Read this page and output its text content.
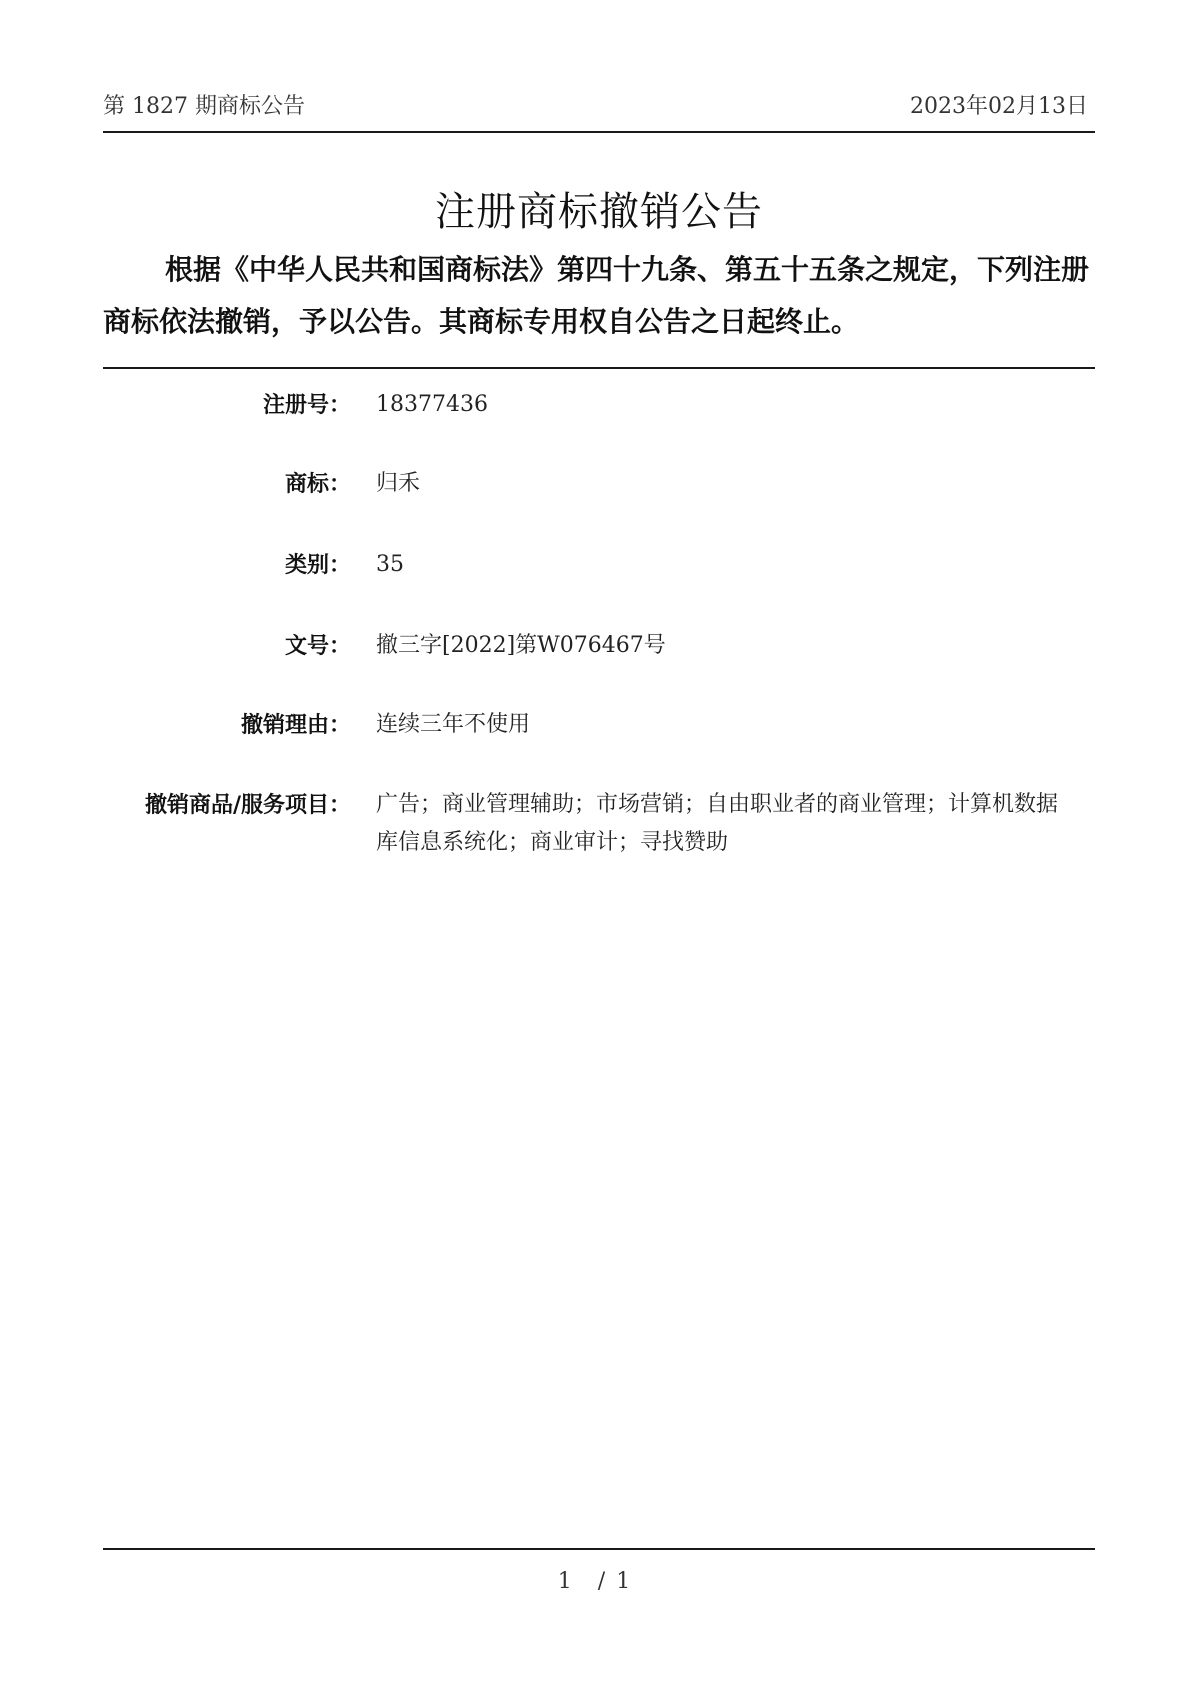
第 1827 期商标公告	2023年02月13日
注册商标撤销公告

根据《中华人民共和国商标法》第四十九条、第五十五条之规定，下列注册商标依法撤销，予以公告。其商标专用权自公告之日起终止。

注册号： 18377436
商标： 归禾
类别： 35
文号： 撤三字[2022]第W076467号
撤销理由： 连续三年不使用
撤销商品/服务项目： 广告；商业管理辅助；市场营销；自由职业者的商业管理；计算机数据库信息系统化；商业审计；寻找赞助
1　/ 1
